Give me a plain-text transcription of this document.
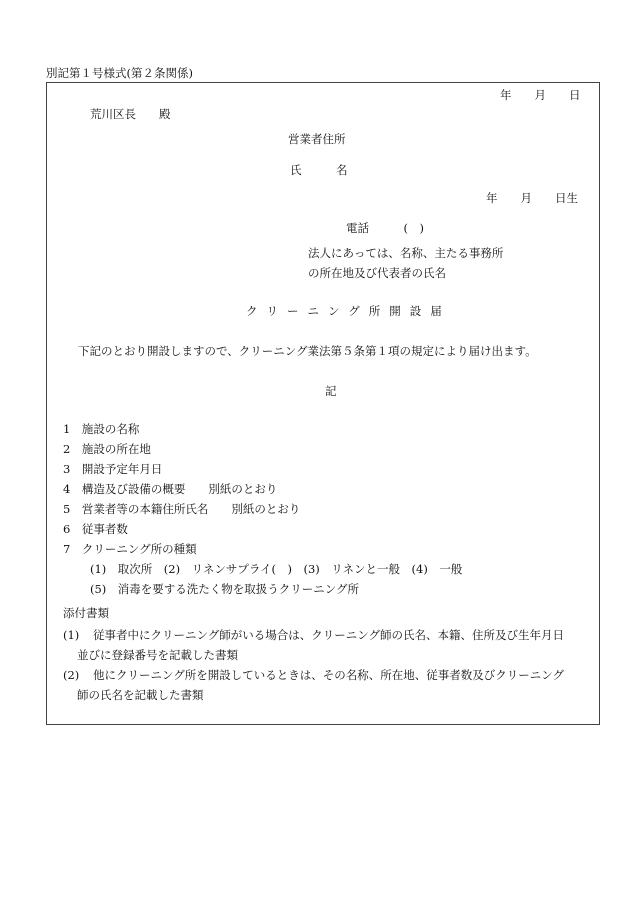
別記第１号様式(第２条関係)
年　　月　　日
荒川区長　　殿
営業者住所
氏　　　名
年　　月　　日生
電話　　　(　)
法人にあっては、名称、主たる事務所
の所在地及び代表者の氏名
クリーニング所開設届
下記のとおり開設しますので、クリーニング業法第５条第１項の規定により届け出ます。
記
1　施設の名称
2　施設の所在地
3　開設予定年月日
4　構造及び設備の概要　　別紙のとおり
5　営業者等の本籍住所氏名　　別紙のとおり
6　従事者数
7　クリーニング所の種類
(1)　取次所　(2)　リネンサプライ(　)　(3)　リネンと一般　(4)　一般
(5)　消毒を要する洗たく物を取扱うクリーニング所
添付書類
(1) 従事者中にクリーニング師がいる場合は、クリーニング師の氏名、本籍、住所及び生年月日
並びに登録番号を記載した書類
(2) 他にクリーニング所を開設しているときは、その名称、所在地、従事者数及びクリーニング
師の氏名を記載した書類
